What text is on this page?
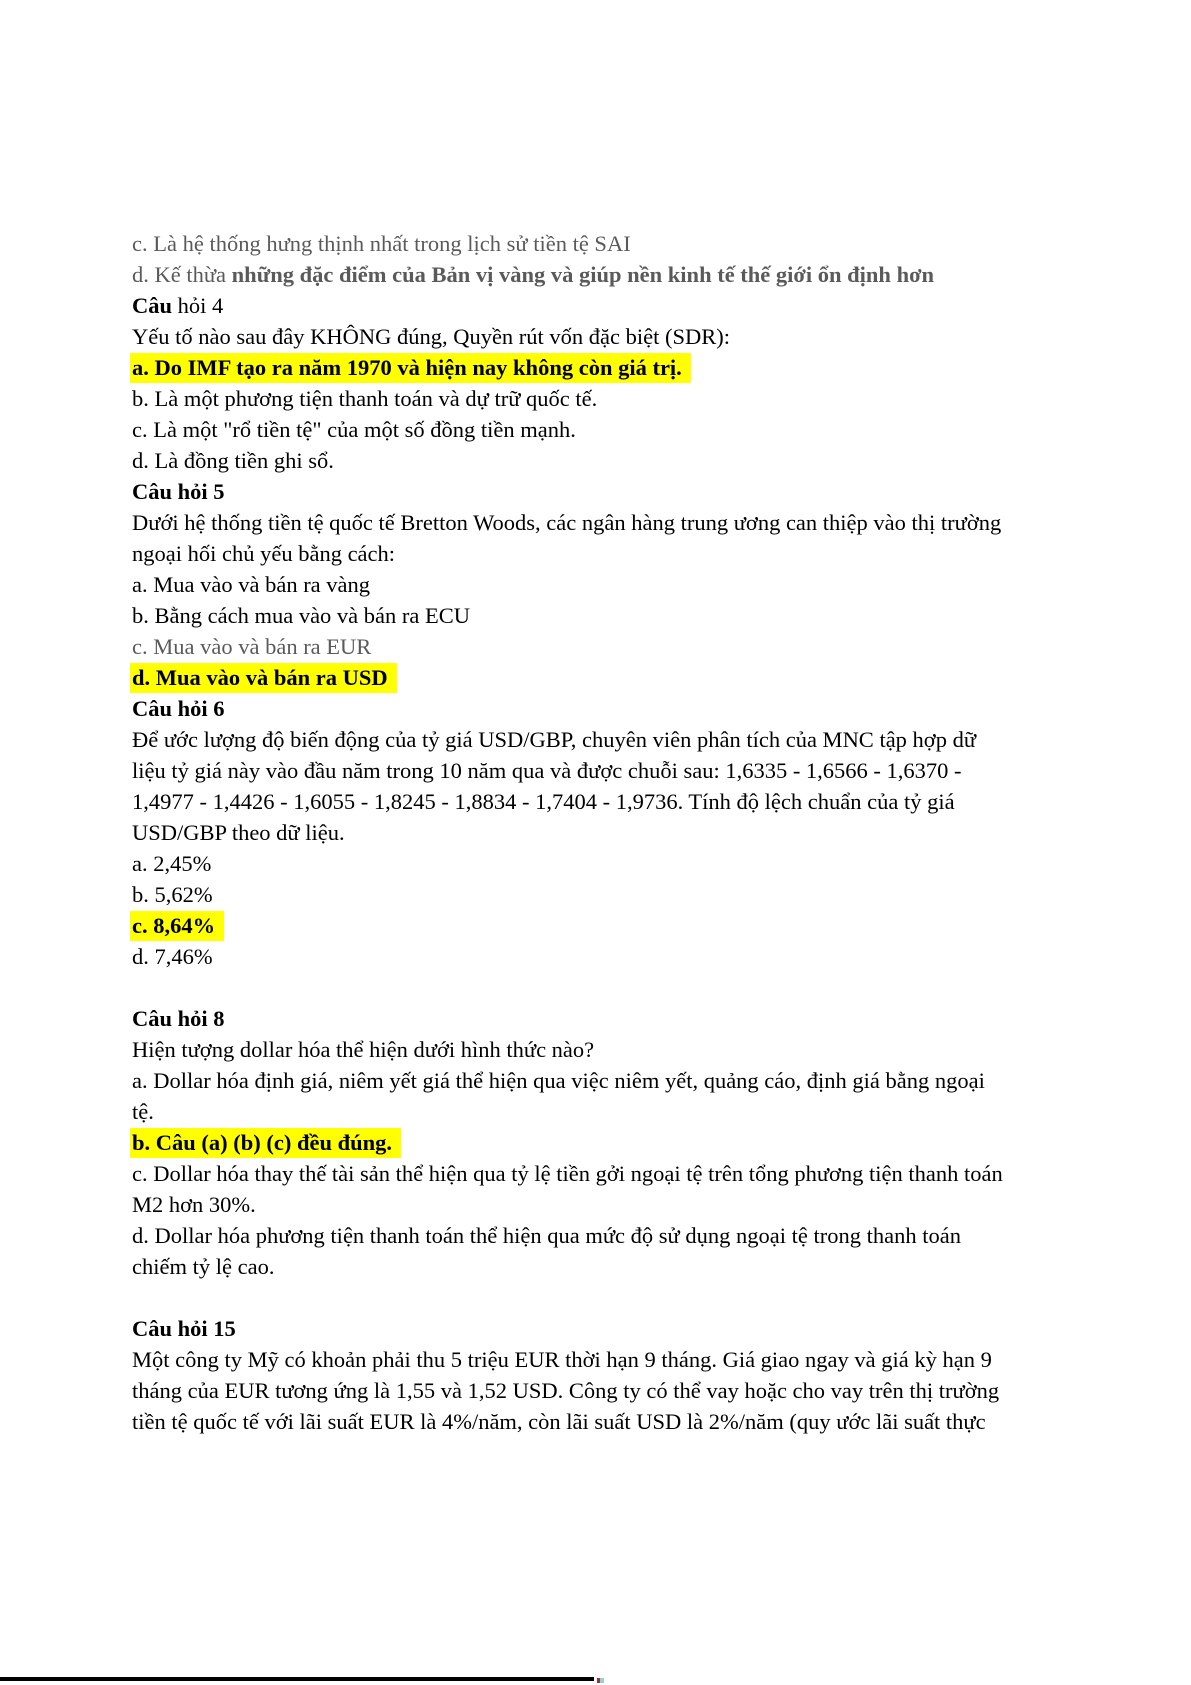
c. Là hệ thống hưng thịnh nhất trong lịch sử tiền tệ SAI

d. Kế thừa những đặc điểm của Bản vị vàng và giúp nền kinh tế thế giới ổn định hơn

Câu hỏi 4

Yếu tố nào sau đây KHÔNG đúng, Quyền rút vốn đặc biệt (SDR):

a. Do IMF tạo ra năm 1970 và hiện nay không còn giá trị.

b. Là một phương tiện thanh toán và dự trữ quốc tế.

c. Là một "rổ tiền tệ" của một số đồng tiền mạnh.

d. Là đồng tiền ghi sổ.

Câu hỏi 5

Dưới hệ thống tiền tệ quốc tế Bretton Woods, các ngân hàng trung ương can thiệp vào thị trường

ngoại hối chủ yếu bằng cách:

a. Mua vào và bán ra vàng

b. Bằng cách mua vào và bán ra ECU

c. Mua vào và bán ra EUR

d. Mua vào và bán ra USD

Câu hỏi 6

Để ước lượng độ biến động của tỷ giá USD/GBP, chuyên viên phân tích của MNC tập hợp dữ

liệu tỷ giá này vào đầu năm trong 10 năm qua và được chuỗi sau: 1,6335 - 1,6566 - 1,6370 -

1,4977 - 1,4426 - 1,6055 - 1,8245 - 1,8834 - 1,7404 - 1,9736. Tính độ lệch chuẩn của tỷ giá

USD/GBP theo dữ liệu.

a. 2,45%

b. 5,62%

c. 8,64%

d. 7,46%

Câu hỏi 8

Hiện tượng dollar hóa thể hiện dưới hình thức nào?

a. Dollar hóa định giá, niêm yết giá thể hiện qua việc niêm yết, quảng cáo, định giá bằng ngoại

tệ.

b. Câu (a) (b) (c) đều đúng.

c. Dollar hóa thay thế tài sản thể hiện qua tỷ lệ tiền gởi ngoại tệ trên tổng phương tiện thanh toán

M2 hơn 30%.

d. Dollar hóa phương tiện thanh toán thể hiện qua mức độ sử dụng ngoại tệ trong thanh toán

chiếm tỷ lệ cao.

Câu hỏi 15

Một công ty Mỹ có khoản phải thu 5 triệu EUR thời hạn 9 tháng. Giá giao ngay và giá kỳ hạn 9

tháng của EUR tương ứng là 1,55 và 1,52 USD. Công ty có thể vay hoặc cho vay trên thị trường

tiền tệ quốc tế với lãi suất EUR là 4%/năm, còn lãi suất USD là 2%/năm (quy ước lãi suất thực
